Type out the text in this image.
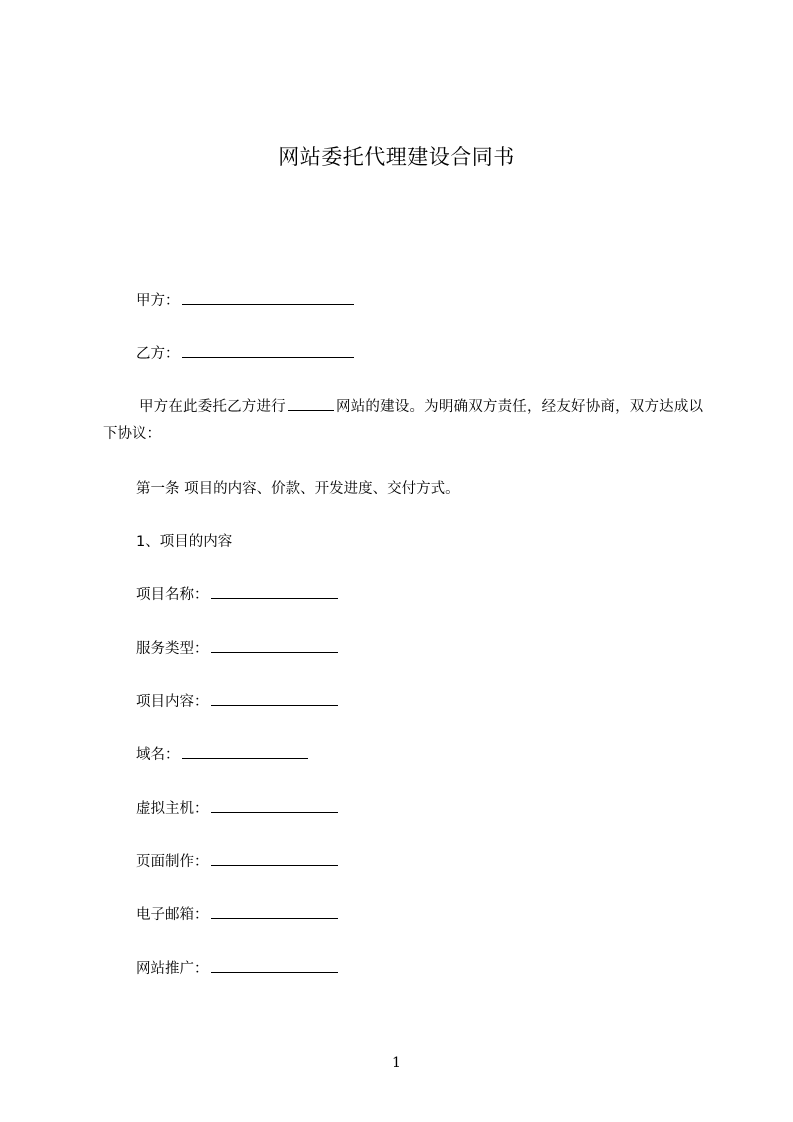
网站委托代理建设合同书
甲方：
乙方：
甲方在此委托乙方进行	网站的建设。为明确双方责任，经友好协商，双方达成以下协议：
第一条 项目的内容、价款、开发进度、交付方式。
1、项目的内容
项目名称：
服务类型：
项目内容：
域名：
虚拟主机：
页面制作：
电子邮箱：
网站推广：
1
